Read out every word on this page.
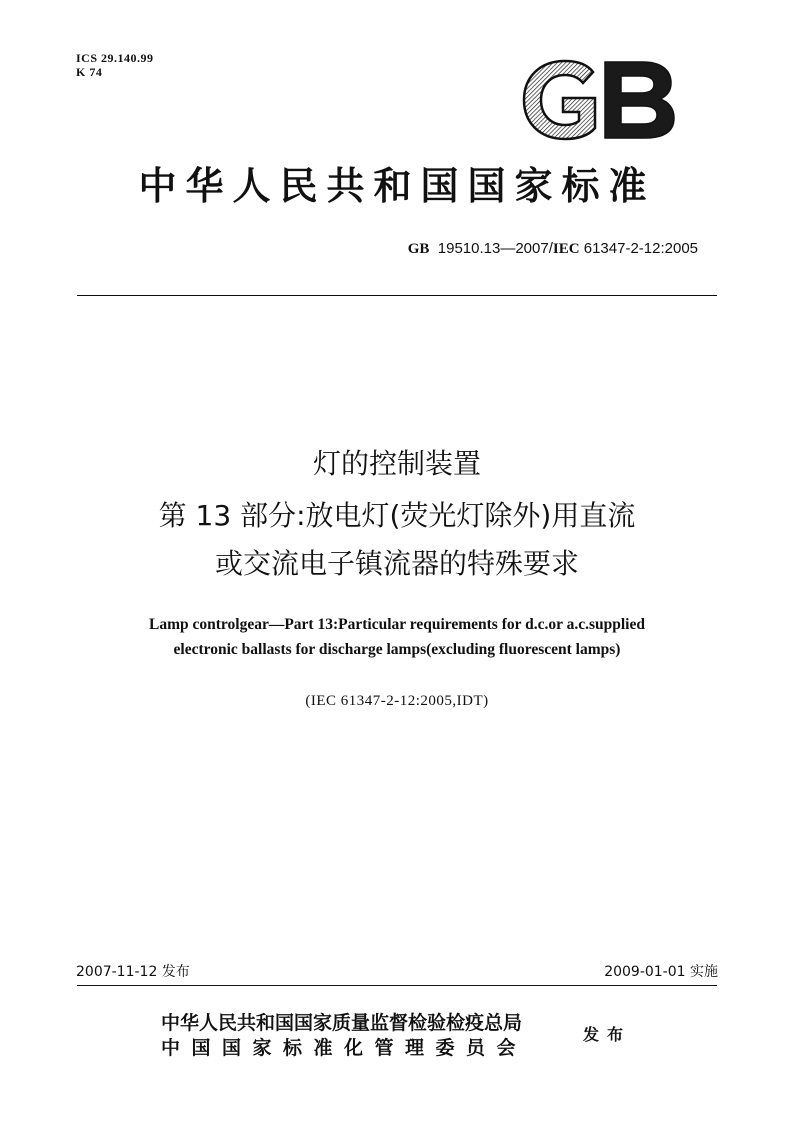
ICS 29.140.99
K 74
GB
中华人民共和国国家标准
GB 19510.13—2007/IEC 61347-2-12:2005
灯的控制装置
第 13 部分:放电灯(荧光灯除外)用直流
或交流电子镇流器的特殊要求
Lamp controlgear—Part 13:Particular requirements for d.c.or a.c.supplied
electronic ballasts for discharge lamps(excluding fluorescent lamps)
(IEC 61347-2-12:2005,IDT)
2007-11-12 发布	2009-01-01 实施
中华人民共和国国家质量监督检验检疫总局
中国国家标准化管理委员会
发布
